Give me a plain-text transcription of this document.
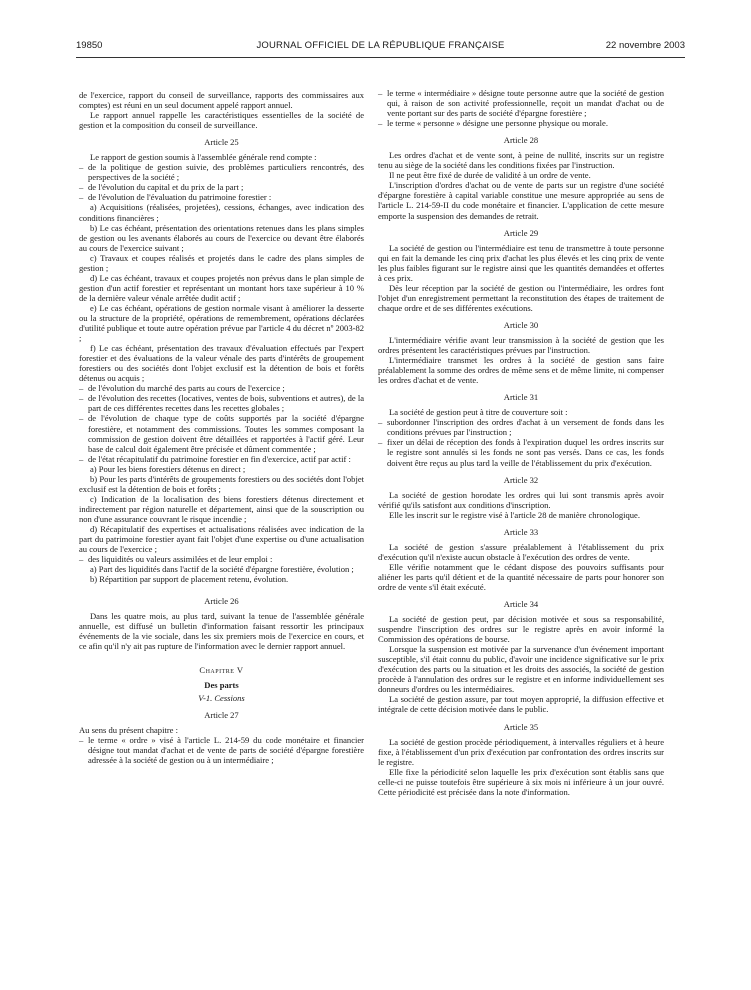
19850	JOURNAL OFFICIEL DE LA RÉPUBLIQUE FRANÇAISE	22 novembre 2003

de l'exercice, rapport du conseil de surveillance, rapports des commissaires aux comptes) est réuni en un seul document appelé rapport annuel.

Le rapport annuel rappelle les caractéristiques essentielles de la société de gestion et la composition du conseil de surveillance.

Article 25

Le rapport de gestion soumis à l'assemblée générale rend compte :

– de la politique de gestion suivie, des problèmes particuliers rencontrés, des perspectives de la société ;
– de l'évolution du capital et du prix de la part ;
– de l'évolution de l'évaluation du patrimoine forestier :

a) Acquisitions (réalisées, projetées), cessions, échanges, avec indication des conditions financières ;

b) Le cas échéant, présentation des orientations retenues dans les plans simples de gestion ou les avenants élaborés au cours de l'exercice ou devant être élaborés au cours de l'exercice suivant ;

c) Travaux et coupes réalisés et projetés dans le cadre des plans simples de gestion ;

d) Le cas échéant, travaux et coupes projetés non prévus dans le plan simple de gestion d'un actif forestier et représentant un montant hors taxe supérieur à 10 % de la dernière valeur vénale arrêtée dudit actif ;

e) Le cas échéant, opérations de gestion normale visant à améliorer la desserte ou la structure de la propriété, opérations de remembrement, opérations déclarées d'utilité publique et toute autre opération prévue par l'article 4 du décret nº 2003-82 ;

f) Le cas échéant, présentation des travaux d'évaluation effectués par l'expert forestier et des évaluations de la valeur vénale des parts d'intérêts de groupement forestiers ou des sociétés dont l'objet exclusif est la détention de bois et forêts détenus ou acquis ;

– de l'évolution du marché des parts au cours de l'exercice ;
– de l'évolution des recettes (locatives, ventes de bois, subventions et autres), de la part de ces différentes recettes dans les recettes globales ;
– de l'évolution de chaque type de coûts supportés par la société d'épargne forestière, et notamment des commissions. Toutes les sommes composant la commission de gestion doivent être détaillées et rapportées à l'actif géré. Leur base de calcul doit également être précisée et dûment commentée ;
– de l'état récapitulatif du patrimoine forestier en fin d'exercice, actif par actif :

a) Pour les biens forestiers détenus en direct ;

b) Pour les parts d'intérêts de groupements forestiers ou des sociétés dont l'objet exclusif est la détention de bois et forêts ;

c) Indication de la localisation des biens forestiers détenus directement et indirectement par région naturelle et département, ainsi que de la souscription ou non d'une assurance couvrant le risque incendie ;

d) Récapitulatif des expertises et actualisations réalisées avec indication de la part du patrimoine forestier ayant fait l'objet d'une expertise ou d'une actualisation au cours de l'exercice ;

– des liquidités ou valeurs assimilées et de leur emploi :

a) Part des liquidités dans l'actif de la société d'épargne forestière, évolution ;

b) Répartition par support de placement retenu, évolution.

Article 26

Dans les quatre mois, au plus tard, suivant la tenue de l'assemblée générale annuelle, est diffusé un bulletin d'information faisant ressortir les principaux événements de la vie sociale, dans les six premiers mois de l'exercice en cours, et ce afin qu'il n'y ait pas rupture de l'information avec le dernier rapport annuel.

Chapitre V
Des parts
V-1. Cessions
Article 27

Au sens du présent chapitre :

– le terme « ordre » visé à l'article L. 214-59 du code monétaire et financier désigne tout mandat d'achat et de vente de parts de société d'épargne forestière adressée à la société de gestion ou à un intermédiaire ;
– le terme « intermédiaire » désigne toute personne autre que la société de gestion qui, à raison de son activité professionnelle, reçoit un mandat d'achat ou de vente portant sur des parts de société d'épargne forestière ;
– le terme « personne » désigne une personne physique ou morale.
Article 28

Les ordres d'achat et de vente sont, à peine de nullité, inscrits sur un registre tenu au siège de la société dans les conditions fixées par l'instruction.

Il ne peut être fixé de durée de validité à un ordre de vente.

L'inscription d'ordres d'achat ou de vente de parts sur un registre d'une société d'épargne forestière à capital variable constitue une mesure appropriée au sens de l'article L. 214-59-II du code monétaire et financier. L'application de cette mesure emporte la suspension des demandes de retrait.

Article 29

La société de gestion ou l'intermédiaire est tenu de transmettre à toute personne qui en fait la demande les cinq prix d'achat les plus élevés et les cinq prix de vente les plus faibles figurant sur le registre ainsi que les quantités demandées et offertes à ces prix.

Dès leur réception par la société de gestion ou l'intermédiaire, les ordres font l'objet d'un enregistrement permettant la reconstitution des étapes de traitement de chaque ordre et de ses différentes exécutions.

Article 30

L'intermédiaire vérifie avant leur transmission à la société de gestion que les ordres présentent les caractéristiques prévues par l'instruction.

L'intermédiaire transmet les ordres à la société de gestion sans faire préalablement la somme des ordres de même sens et de même limite, ni compenser les ordres d'achat et de vente.

Article 31

La société de gestion peut à titre de couverture soit :

– subordonner l'inscription des ordres d'achat à un versement de fonds dans les conditions prévues par l'instruction ;
– fixer un délai de réception des fonds à l'expiration duquel les ordres inscrits sur le registre sont annulés si les fonds ne sont pas versés. Dans ce cas, les fonds doivent être reçus au plus tard la veille de l'établissement du prix d'exécution.
Article 32

La société de gestion horodate les ordres qui lui sont transmis après avoir vérifié qu'ils satisfont aux conditions d'inscription.

Elle les inscrit sur le registre visé à l'article 28 de manière chronologique.

Article 33

La société de gestion s'assure préalablement à l'établissement du prix d'exécution qu'il n'existe aucun obstacle à l'exécution des ordres de vente.

Elle vérifie notamment que le cédant dispose des pouvoirs suffisants pour aliéner les parts qu'il détient et de la quantité nécessaire de parts pour honorer son ordre de vente s'il était exécuté.

Article 34

La société de gestion peut, par décision motivée et sous sa responsabilité, suspendre l'inscription des ordres sur le registre après en avoir informé la Commission des opérations de bourse.

Lorsque la suspension est motivée par la survenance d'un événement important susceptible, s'il était connu du public, d'avoir une incidence significative sur le prix d'exécution des parts ou la situation et les droits des associés, la société de gestion procède à l'annulation des ordres sur le registre et en informe individuellement ses donneurs d'ordres ou les intermédiaires.

La société de gestion assure, par tout moyen approprié, la diffusion effective et intégrale de cette décision motivée dans le public.

Article 35

La société de gestion procède périodiquement, à intervalles réguliers et à heure fixe, à l'établissement d'un prix d'exécution par confrontation des ordres inscrits sur le registre.

Elle fixe la périodicité selon laquelle les prix d'exécution sont établis sans que celle-ci ne puisse toutefois être supérieure à six mois ni inférieure à un jour ouvré. Cette périodicité est précisée dans la note d'information.
